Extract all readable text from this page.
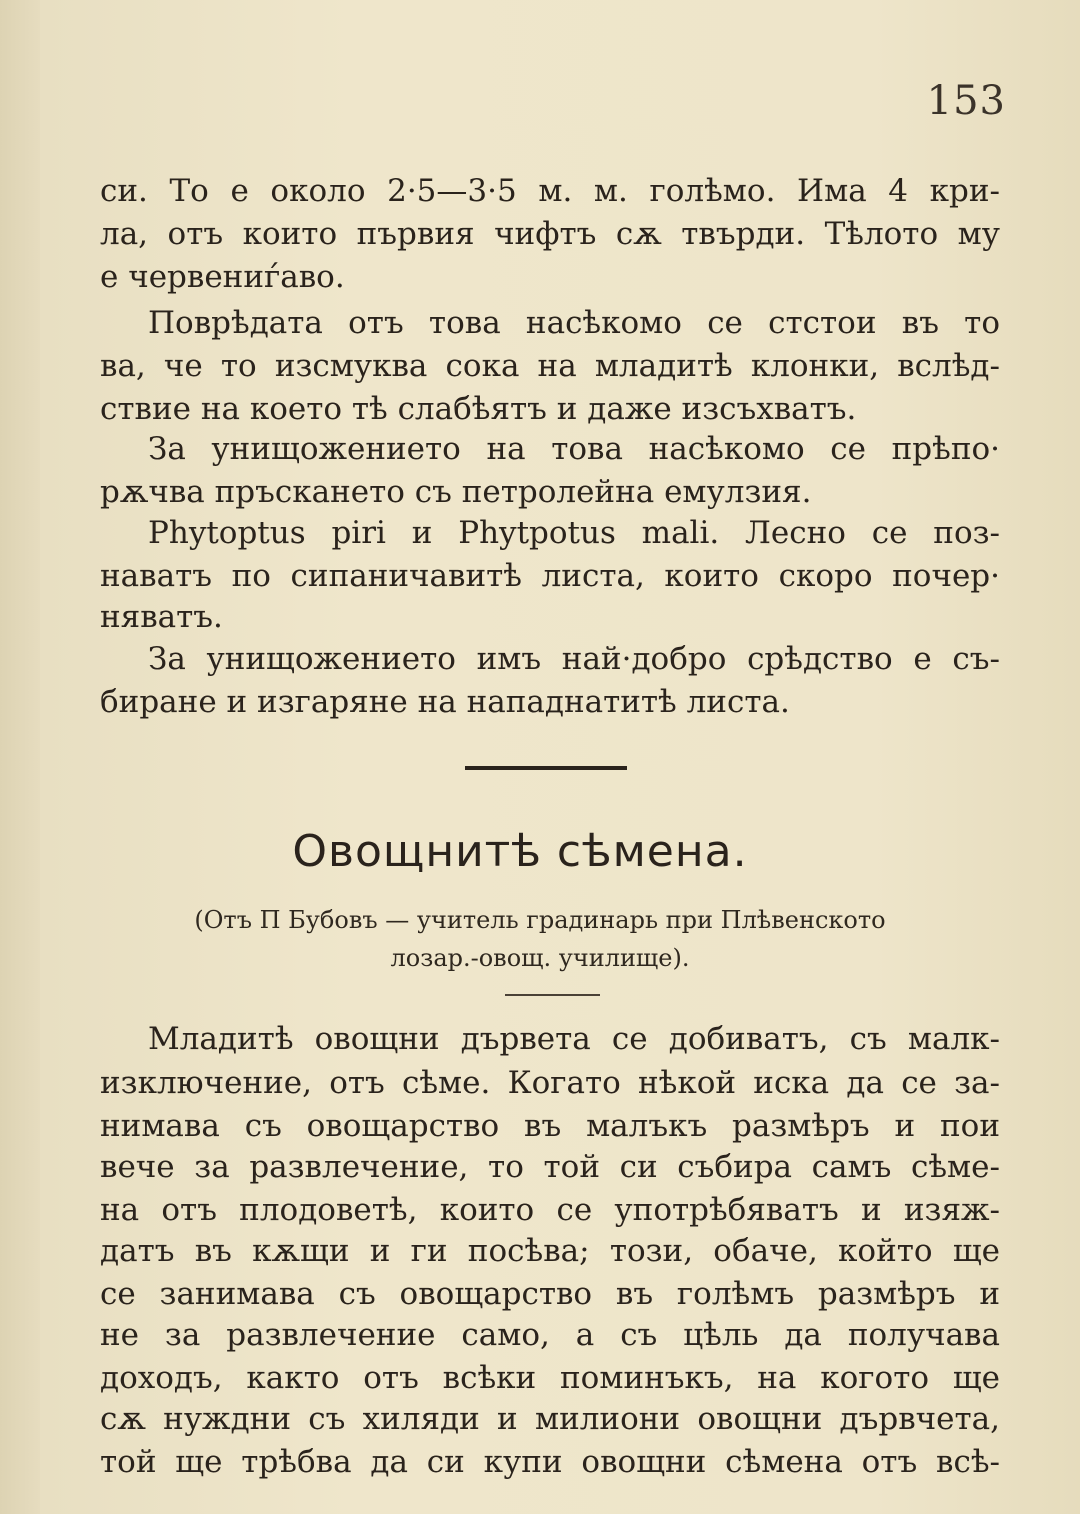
153
си. То е около 2·5—3·5 м. м. голѣмо. Има 4 кри-
ла, отъ които първия чифтъ сѫ твърди. Тѣлото му
е червениѓаво.
Поврѣдата отъ това насѣкомо се стстои въ то
ва, че то изсмуква сока на младитѣ клонки, вслѣд-
ствие на което тѣ слабѣятъ и даже изсъхватъ.
За унищожението на това насѣкомо се прѣпо·
рѫчва пръскането съ петролейна емулзия.
Phytoptus piri и Phytpotus mali. Лесно се поз-
наватъ по сипаничавитѣ листа, които скоро почер·
няватъ.
За унищожението имъ най·добро срѣдство е съ-
биране и изгаряне на нападнатитѣ листа.
Овощнитѣ сѣмена.
(Отъ П Бубовъ — учитель градинарь при Плѣвенското
лозар.-овощ. училище).
Младитѣ овощни дървета се добиватъ, съ малк-
изключение, отъ сѣме. Когато нѣкой иска да се за-
нимава съ овощарство въ малъкъ размѣръ и пои
вече за развлечение, то той си събира самъ сѣме-
на отъ плодоветѣ, които се употрѣбяватъ и изяж-
датъ въ кѫщи и ги посѣва; този, обаче, който ще
се занимава съ овощарство въ голѣмъ размѣръ и
не за развлечение само, а съ цѣль да получава
доходъ, както отъ всѣки поминъкъ, на когото ще
сѫ нуждни съ хиляди и милиони овощни дървчета,
той ще трѣбва да си купи овощни сѣмена отъ всѣ-
